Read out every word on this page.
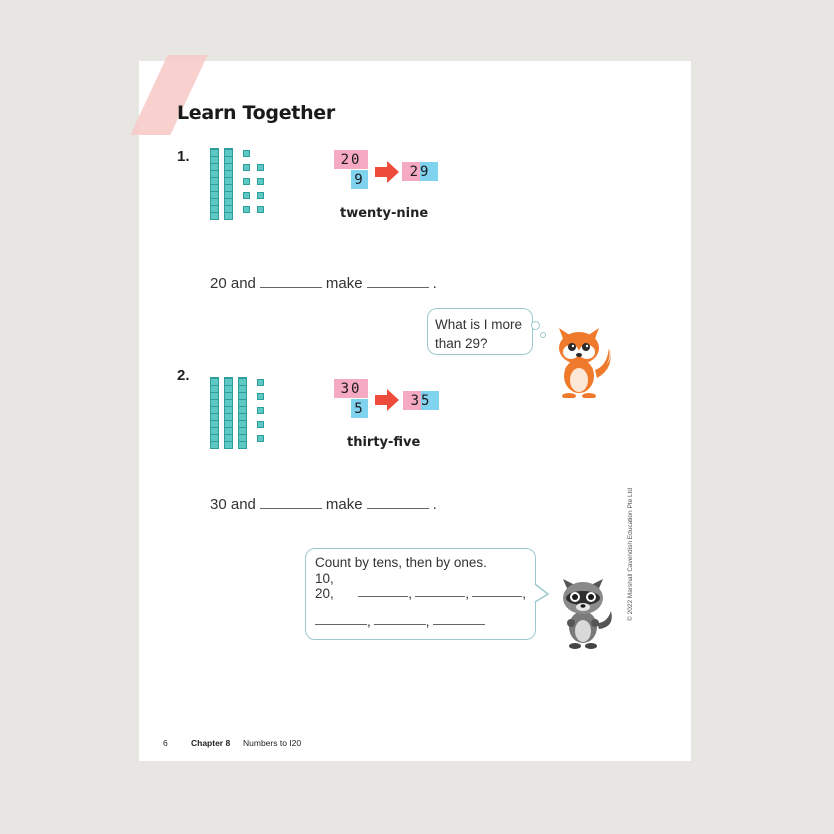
Learn Together
1.	20
9	29
twenty-nine
20 and	make	.
What is I more
than 29?
2.
30
5	35
thirty-five
30 and	make	.
Count by tens, then by ones.
10, 20,	,	,	,
,	,
© 2022 Marshall Cavendish Education Pte Ltd
6	Chapter 8 Numbers to I20
